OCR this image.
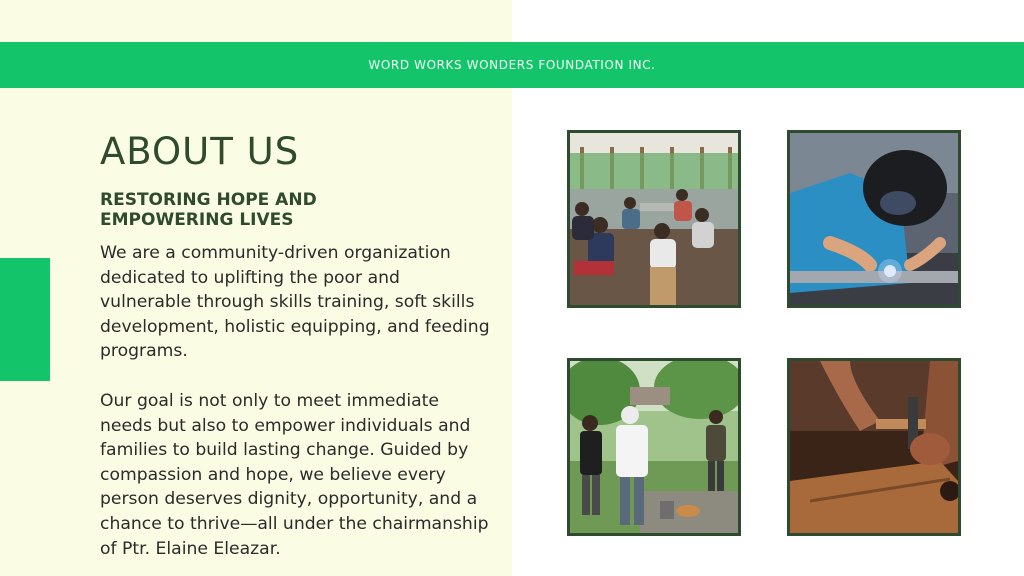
WORD WORKS WONDERS FOUNDATION INC.
ABOUT US
RESTORING HOPE AND EMPOWERING LIVES

We are a community-driven organization dedicated to uplifting the poor and vulnerable through skills training, soft skills development, holistic equipping, and feeding programs.

Our goal is not only to meet immediate needs but also to empower individuals and families to build lasting change. Guided by compassion and hope, we believe every person deserves dignity, opportunity, and a chance to thrive—all under the chairmanship of Ptr. Elaine Eleazar.
